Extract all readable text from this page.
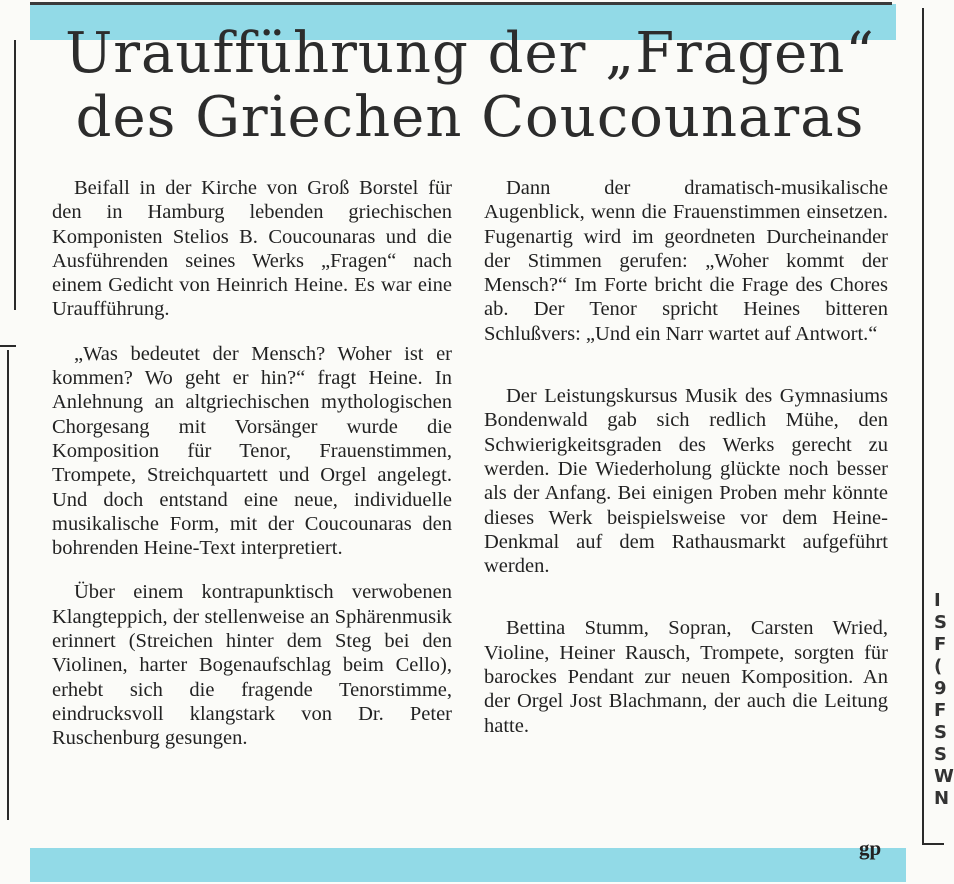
I
S
F
(
9
F
S
S
W
N
Uraufführung der „Fragen“
des Griechen Coucounaras

Beifall in der Kirche von Groß Borstel für den in Hamburg lebenden griechischen Komponisten Stelios B. Coucounaras und die Ausführenden seines Werks „Fragen“ nach einem Gedicht von Heinrich Heine. Es war eine Uraufführung.

„Was bedeutet der Mensch? Woher ist er kommen? Wo geht er hin?“ fragt Heine. In Anlehnung an altgriechischen mythologischen Chorgesang mit Vorsänger wurde die Komposition für Tenor, Frauenstimmen, Trompete, Streichquartett und Orgel angelegt. Und doch entstand eine neue, individuelle musikalische Form, mit der Coucounaras den bohrenden Heine-Text interpretiert.

Über einem kontrapunktisch verwobenen Klangteppich, der stellenweise an Sphärenmusik erinnert (Streichen hinter dem Steg bei den Violinen, harter Bogenaufschlag beim Cello), erhebt sich die fragende Tenorstimme, eindrucksvoll klangstark von Dr. Peter Ruschenburg gesungen.

Dann der dramatisch-musikalische Augenblick, wenn die Frauenstimmen einsetzen. Fugenartig wird im geordneten Durcheinander der Stimmen gerufen: „Woher kommt der Mensch?“ Im Forte bricht die Frage des Chores ab. Der Tenor spricht Heines bitteren Schlußvers: „Und ein Narr wartet auf Antwort.“

Der Leistungskursus Musik des Gymnasiums Bondenwald gab sich redlich Mühe, den Schwierigkeitsgraden des Werks gerecht zu werden. Die Wiederholung glückte noch besser als der Anfang. Bei einigen Proben mehr könnte dieses Werk beispielsweise vor dem Heine-Denkmal auf dem Rathausmarkt aufgeführt werden.

Bettina Stumm, Sopran, Carsten Wried, Violine, Heiner Rausch, Trompete, sorgten für barockes Pendant zur neuen Komposition. An der Orgel Jost Blachmann, der auch die Leitung hatte.

gp
